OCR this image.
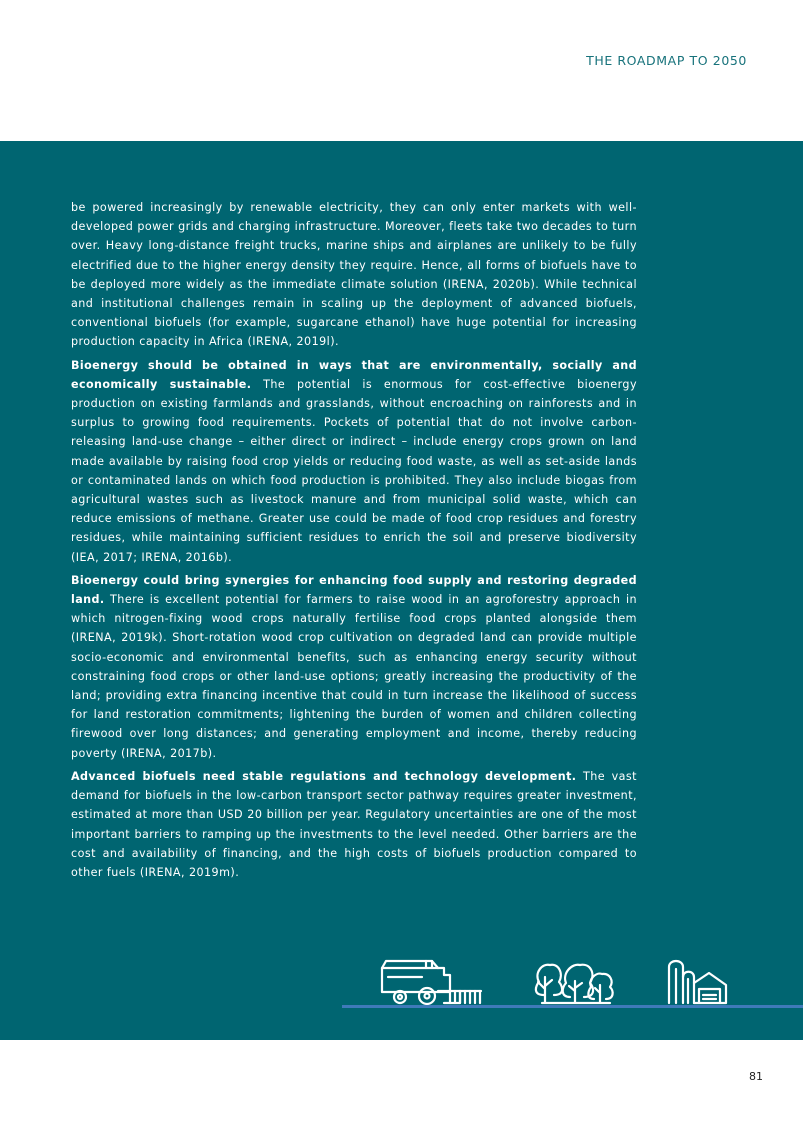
THE ROADMAP TO 2050

be powered increasingly by renewable electricity, they can only enter markets with well-developed power grids and charging infrastructure. Moreover, fleets take two decades to turn over. Heavy long-distance freight trucks, marine ships and airplanes are unlikely to be fully electrified due to the higher energy density they require. Hence, all forms of biofuels have to be deployed more widely as the immediate climate solution (IRENA, 2020b). While technical and institutional challenges remain in scaling up the deployment of advanced biofuels, conventional biofuels (for example, sugarcane ethanol) have huge potential for increasing production capacity in Africa (IRENA, 2019l).

Bioenergy should be obtained in ways that are environmentally, socially and economically sustainable. The potential is enormous for cost-effective bioenergy production on existing farmlands and grasslands, without encroaching on rainforests and in surplus to growing food requirements. Pockets of potential that do not involve carbon-releasing land-use change – either direct or indirect – include energy crops grown on land made available by raising food crop yields or reducing food waste, as well as set-aside lands or contaminated lands on which food production is prohibited. They also include biogas from agricultural wastes such as livestock manure and from municipal solid waste, which can reduce emissions of methane. Greater use could be made of food crop residues and forestry residues, while maintaining sufficient residues to enrich the soil and preserve biodiversity (IEA, 2017; IRENA, 2016b).

Bioenergy could bring synergies for enhancing food supply and restoring degraded land. There is excellent potential for farmers to raise wood in an agroforestry approach in which nitrogen-fixing wood crops naturally fertilise food crops planted alongside them (IRENA, 2019k). Short-rotation wood crop cultivation on degraded land can provide multiple socio-economic and environmental benefits, such as enhancing energy security without constraining food crops or other land-use options; greatly increasing the productivity of the land; providing extra financing incentive that could in turn increase the likelihood of success for land restoration commitments; lightening the burden of women and children collecting firewood over long distances; and generating employment and income, thereby reducing poverty (IRENA, 2017b).

Advanced biofuels need stable regulations and technology development. The vast demand for biofuels in the low-carbon transport sector pathway requires greater investment, estimated at more than USD 20 billion per year. Regulatory uncertainties are one of the most important barriers to ramping up the investments to the level needed. Other barriers are the cost and availability of financing, and the high costs of biofuels production compared to other fuels (IRENA, 2019m).

81
